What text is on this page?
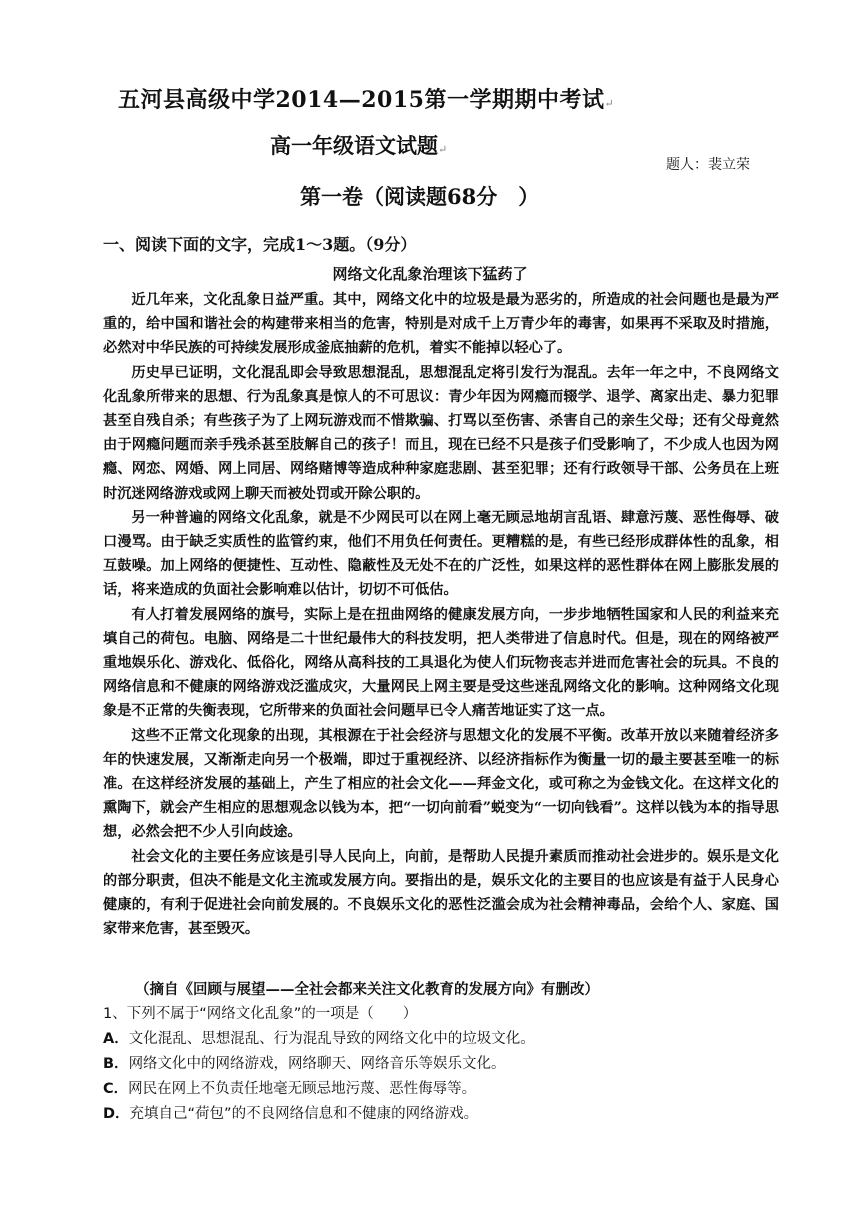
五河县高级中学2014—2015第一学期期中考试↵
高一年级语文试题↵
题人：裴立荣
第一卷（阅读题68分　）
一、阅读下面的文字，完成1～3题。（9分）
网络文化乱象治理该下猛药了

近几年来，文化乱象日益严重。其中，网络文化中的垃圾是最为恶劣的，所造成的社会问题也是最为严重的，给中国和谐社会的构建带来相当的危害，特别是对成千上万青少年的毒害，如果再不采取及时措施，必然对中华民族的可持续发展形成釜底抽薪的危机，着实不能掉以轻心了。

历史早已证明，文化混乱即会导致思想混乱，思想混乱定将引发行为混乱。去年一年之中，不良网络文化乱象所带来的思想、行为乱象真是惊人的不可思议：青少年因为网瘾而辍学、退学、离家出走、暴力犯罪甚至自残自杀；有些孩子为了上网玩游戏而不惜欺骗、打骂以至伤害、杀害自己的亲生父母；还有父母竟然由于网瘾问题而亲手残杀甚至肢解自己的孩子！而且，现在已经不只是孩子们受影响了，不少成人也因为网瘾、网恋、网婚、网上同居、网络赌博等造成种种家庭悲剧、甚至犯罪；还有行政领导干部、公务员在上班时沉迷网络游戏或网上聊天而被处罚或开除公职的。

另一种普遍的网络文化乱象，就是不少网民可以在网上毫无顾忌地胡言乱语、肆意污蔑、恶性侮辱、破口漫骂。由于缺乏实质性的监管约束，他们不用负任何责任。更糟糕的是，有些已经形成群体性的乱象，相互鼓噪。加上网络的便捷性、互动性、隐蔽性及无处不在的广泛性，如果这样的恶性群体在网上膨胀发展的话，将来造成的负面社会影响难以估计，切切不可低估。

有人打着发展网络的旗号，实际上是在扭曲网络的健康发展方向，一步步地牺牲国家和人民的利益来充填自己的荷包。电脑、网络是二十世纪最伟大的科技发明，把人类带进了信息时代。但是，现在的网络被严重地娱乐化、游戏化、低俗化，网络从高科技的工具退化为使人们玩物丧志并进而危害社会的玩具。不良的网络信息和不健康的网络游戏泛滥成灾，大量网民上网主要是受这些迷乱网络文化的影响。这种网络文化现象是不正常的失衡表现，它所带来的负面社会问题早已令人痛苦地证实了这一点。

这些不正常文化现象的出现，其根源在于社会经济与思想文化的发展不平衡。改革开放以来随着经济多年的快速发展，又渐渐走向另一个极端，即过于重视经济、以经济指标作为衡量一切的最主要甚至唯一的标准。在这样经济发展的基础上，产生了相应的社会文化——拜金文化，或可称之为金钱文化。在这样文化的熏陶下，就会产生相应的思想观念以钱为本，把“一切向前看”蜕变为“一切向钱看”。这样以钱为本的指导思想，必然会把不少人引向歧途。

社会文化的主要任务应该是引导人民向上，向前，是帮助人民提升素质而推动社会进步的。娱乐是文化的部分职责，但决不能是文化主流或发展方向。要指出的是，娱乐文化的主要目的也应该是有益于人民身心健康的，有利于促进社会向前发展的。不良娱乐文化的恶性泛滥会成为社会精神毒品，会给个人、家庭、国家带来危害，甚至毁灭。

（摘自《回顾与展望——全社会都来关注文化教育的发展方向》有删改）
1、下列不属于“网络文化乱象”的一项是（　　）
A．文化混乱、思想混乱、行为混乱导致的网络文化中的垃圾文化。
B．网络文化中的网络游戏，网络聊天、网络音乐等娱乐文化。
C．网民在网上不负责任地毫无顾忌地污蔑、恶性侮辱等。
D．充填自己“荷包”的不良网络信息和不健康的网络游戏。
